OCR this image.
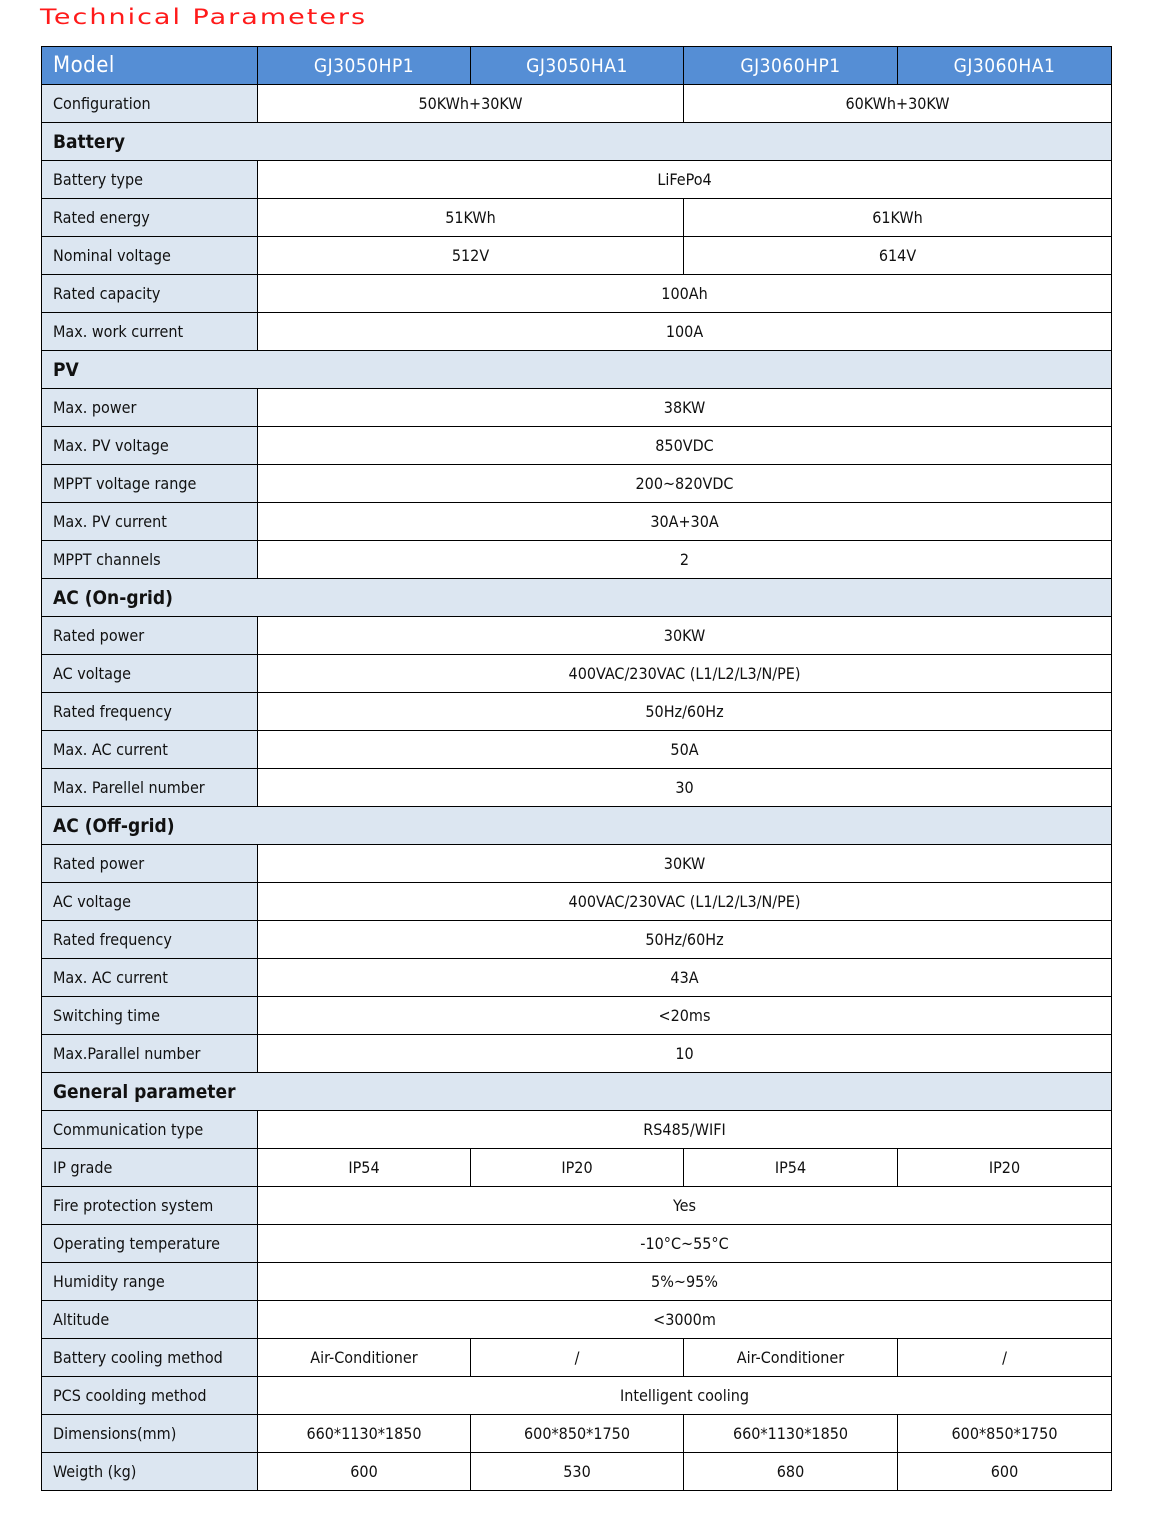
Technical Parameters
Model	GJ3050HP1	GJ3050HA1	GJ3060HP1	GJ3060HA1
Configuration	50KWh+30KW		60KWh+30KW	
Battery				
Battery type	LiFePo4			
Rated energy	51KWh		61KWh	
Nominal voltage	512V		614V	
Rated capacity	100Ah			
Max. work current	100A			
PV				
Max. power	38KW			
Max. PV voltage	850VDC			
MPPT voltage range	200~820VDC			
Max. PV current	30A+30A			
MPPT channels	2			
AC (On-grid)				
Rated power	30KW			
AC voltage	400VAC/230VAC (L1/L2/L3/N/PE)			
Rated frequency	50Hz/60Hz			
Max. AC current	50A			
Max. Parellel number	30			
AC (Off-grid)				
Rated power	30KW			
AC voltage	400VAC/230VAC (L1/L2/L3/N/PE)			
Rated frequency	50Hz/60Hz			
Max. AC current	43A			
Switching time	<20ms			
Max.Parallel number	10			
General parameter				
Communication type	RS485/WIFI			
IP grade	IP54	IP20	IP54	IP20
Fire protection system	Yes			
Operating temperature	-10°C~55°C			
Humidity range	5%~95%			
Altitude	<3000m			
Battery cooling method	Air-Conditioner	/	Air-Conditioner	/
PCS coolding method	Intelligent cooling			
Dimensions(mm)	660*1130*1850	600*850*1750	660*1130*1850	600*850*1750
Weigth (kg)	600	530	680	600
